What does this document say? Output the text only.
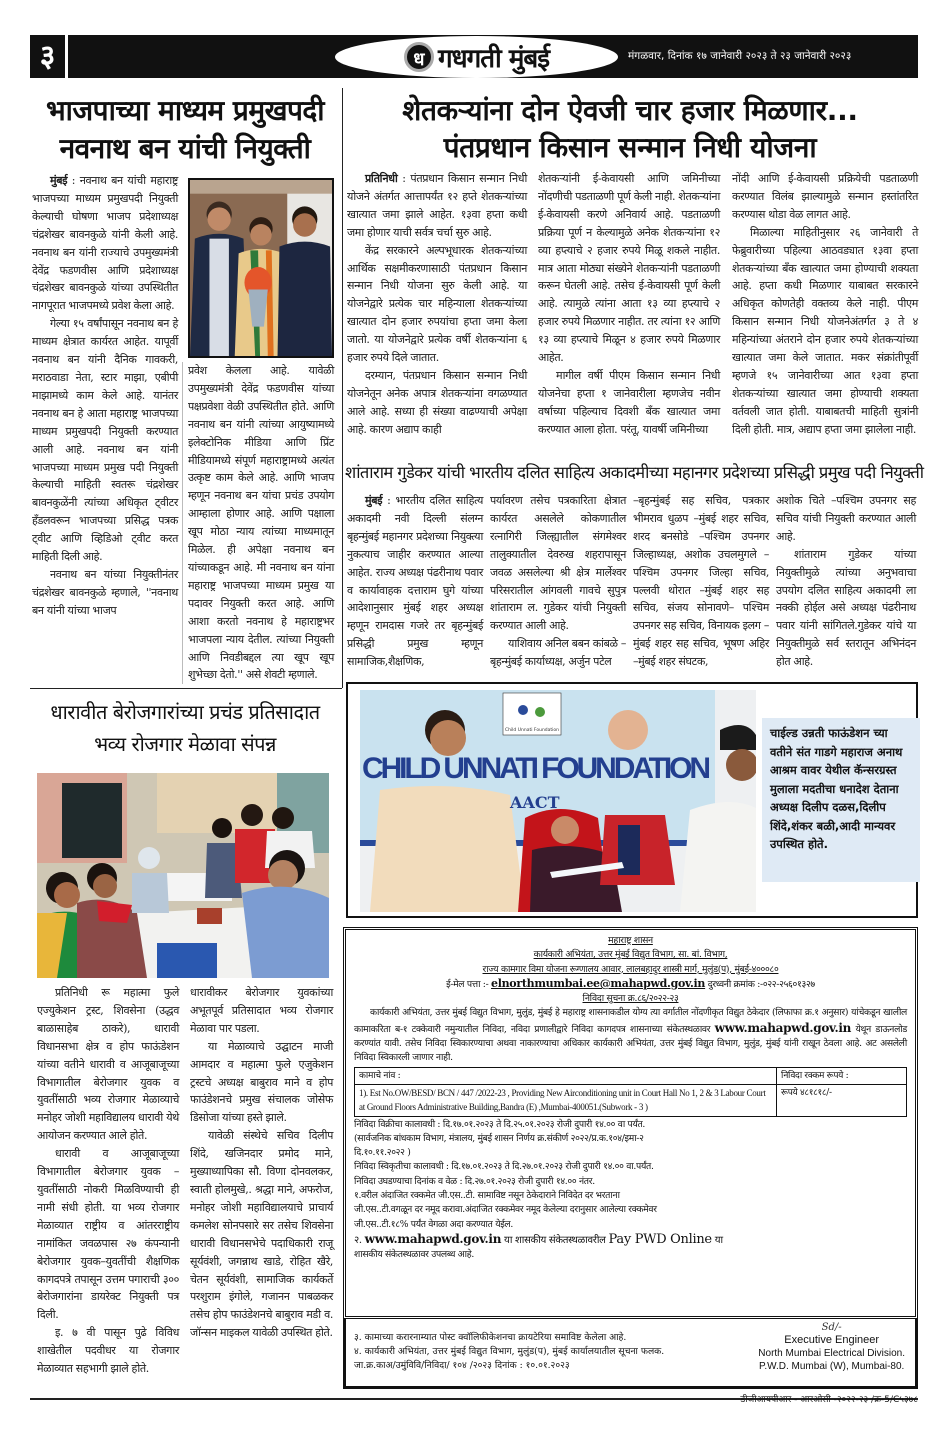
३	ध गधगती मुंबई	मंगळवार, दिनांक १७ जानेवारी २०२३ ते २३ जानेवारी २०२३
भाजपाच्या माध्यम प्रमुखपदी
नवनाथ बन यांची नियुक्ती

मुंबई : नवनाथ बन यांची महाराष्ट्र भाजपच्या माध्यम प्रमुखपदी नियुक्ती केल्याची घोषणा भाजप प्रदेशाध्यक्ष चंद्रशेखर बावनकुळे यांनी केली आहे. नवनाथ बन यांनी राज्याचे उपमुख्यमंत्री देवेंद्र फडणवीस आणि प्रदेशाध्यक्ष चंद्रशेखर बावनकुळे यांच्या उपस्थितीत नागपूरात भाजपमध्ये प्रवेश केला आहे.

गेल्या १५ वर्षांपासून नवनाथ बन हे माध्यम क्षेत्रात कार्यरत आहेत. यापूर्वी नवनाथ बन यांनी दैनिक गावकरी, मराठवाडा नेता, स्टार माझा, एबीपी माझामध्ये काम केले आहे. यानंतर नवनाथ बन हे आता महाराष्ट्र भाजपच्या माध्यम प्रमुखपदी नियुक्ती करण्यात आली आहे. नवनाथ बन यांनी भाजपच्या माध्यम प्रमुख पदी नियुक्ती केल्याची माहिती स्वतरू चंद्रशेखर बावनकुळेंनी त्यांच्या अधिकृत ट्वीटर हँडलवरून भाजपच्या प्रसिद्ध पत्रक ट्वीट आणि व्हिडिओ ट्वीट करत माहिती दिली आहे.

नवनाथ बन यांच्या नियुक्तीनंतर चंद्रशेखर बावनकुळे म्हणाले, ''नवनाथ बन यांनी यांच्या भाजप

प्रवेश केलला आहे. यावेळी उपमुख्यमंत्री देवेंद्र फडणवीस यांच्या पक्षप्रवेशा वेळी उपस्थितीत होते. आणि नवनाथ बन यांनी त्यांच्या आयुष्यामध्ये इलेक्टोनिक मीडिया आणि प्रिंट मीडियामध्ये संपूर्ण महाराष्ट्रामध्ये अत्यंत उत्कृष्ट काम केले आहे. आणि भाजप म्हणून नवनाथ बन यांचा प्रचंड उपयोग आम्हाला होणार आहे. आणि पक्षाला खूप मोठा न्याय त्यांच्या माध्यमातून मिळेल. ही अपेक्षा नवनाथ बन यांच्याकडून आहे. मी नवनाथ बन यांना महाराष्ट्र भाजपच्या माध्यम प्रमुख या पदावर नियुक्ती करत आहे. आणि आशा करतो नवनाथ हे महाराष्ट्रभर भाजपला न्याय देतील. त्यांच्या नियुक्ती आणि निवडीबद्दल त्या खूप खूप शुभेच्छा देतो.'' असे शेवटी म्हणाले.

शेतकऱ्यांना दोन ऐवजी चार हजार मिळणार...
पंतप्रधान किसान सन्मान निधी योजना

प्रतिनिधी : पंतप्रधान किसान सन्मान निधी योजने अंतर्गत आत्तापर्यंत १२ हप्ते शेतकऱ्यांच्या खात्यात जमा झाले आहेत. १३वा हप्ता कधी जमा होणार याची सर्वत्र चर्चा सुरु आहे.

केंद्र सरकारने अल्पभूधारक शेतकऱ्यांच्या आर्थिक सक्षमीकरणासाठी पंतप्रधान किसान सन्मान निधी योजना सुरु केली आहे. या योजनेद्वारे प्रत्येक चार महिन्याला शेतकऱ्यांच्या खात्यात दोन हजार रुपयांचा हप्ता जमा केला जातो. या योजनेद्वारे प्रत्येक वर्षी शेतकऱ्यांना ६ हजार रुपये दिले जातात.

दरम्यान, पंतप्रधान किसान सन्मान निधी योजनेतून अनेक अपात्र शेतकऱ्यांना वगळण्यात आले आहे. सध्या ही संख्या वाढण्याची अपेक्षा आहे. कारण अद्याप काही

शेतकऱ्यांनी ई-केवायसी आणि जमिनीच्या नोंदणीची पडताळणी पूर्ण केली नाही. शेतकऱ्यांना ई-केवायसी करणे अनिवार्य आहे. पडताळणी प्रक्रिया पूर्ण न केल्यामुळे अनेक शेतकऱ्यांना १२ व्या हप्त्याचे २ हजार रुपये मिळू शकले नाहीत. मात्र आता मोठ्या संख्येने शेतकऱ्यांनी पडताळणी करून घेतली आहे. तसेच ई-केवायसी पूर्ण केली आहे. त्यामुळे त्यांना आता १३ व्या हप्त्याचे २ हजार रुपये मिळणार नाहीत. तर त्यांना १२ आणि १३ व्या हप्त्याचे मिळून ४ हजार रुपये मिळणार आहेत.

मागील वर्षी पीएम किसान सन्मान निधी योजनेचा हप्ता १ जानेवारीला म्हणजेच नवीन वर्षाच्या पहिल्याच दिवशी बँक खात्यात जमा करण्यात आला होता. परंतू, यावर्षी जमिनीच्या

नोंदी आणि ई-केवायसी प्रक्रियेची पडताळणी करण्यात विलंब झाल्यामुळे सन्मान हस्तांतरित करण्यास थोडा वेळ लागत आहे.

मिळाल्या माहितीनुसार २६ जानेवारी ते फेब्रुवारीच्या पहिल्या आठवड्यात १३वा हप्ता शेतकऱ्यांच्या बँक खात्यात जमा होण्याची शक्यता आहे. हप्ता कधी मिळणार याबाबत सरकारने अधिकृत कोणतेही वक्तव्य केले नाही. पीएम किसान सन्मान निधी योजनेअंतर्गत ३ ते ४ महिन्यांच्या अंतराने दोन हजार रुपये शेतकऱ्यांच्या खात्यात जमा केले जातात. मकर संक्रांतीपूर्वी म्हणजे १५ जानेवारीच्या आत १३वा हप्ता शेतकऱ्यांच्या खात्यात जमा होण्याची शक्यता वर्तवली जात होती. याबाबतची माहिती सुत्रांनी दिली होती. मात्र, अद्याप हप्ता जमा झालेला नाही.

शांताराम गुडेकर यांची भारतीय दलित साहित्य अकादमीच्या महानगर प्रदेशच्या प्रसिद्धी प्रमुख पदी नियुक्ती

मुंबई : भारतीय दलित साहित्य अकादमी नवी दिल्ली संलग्न बृहन्मुंबई महानगर प्रदेशच्या नियुक्त्या नुकत्याच जाहीर करण्यात आल्या आहेत. राज्य अध्यक्ष पंढरीनाथ पवार व कार्यावाहक दत्ताराम घुगे यांच्या आदेशानुसार मुंबई शहर अध्यक्ष म्हणून रामदास गजरे तर बृहन्मुंबई प्रसिद्धी प्रमुख म्हणून सामाजिक,शैक्षणिक,

पर्यावरण तसेच पत्रकारिता क्षेत्रात कार्यरत असलेले कोकणातील रत्नागिरी जिल्ह्यातील संगमेश्वर तालुक्यातील देवरुख शहरापासून जवळ असलेल्या श्री क्षेत्र मार्लेश्वर परिसरातील आंगवली गावचे सुपुत्र शांताराम ल. गुडेकर यांची नियुक्ती करण्यात आली आहे.

याशिवाय अनिल बबन कांबळे – बृहन्मुंबई कार्याध्यक्ष, अर्जुन पटेल

–बृहन्मुंबई सह सचिव, पत्रकार भीमराव धुळप –मुंबई शहर सचिव, शरद बनसोडे –पश्चिम उपनगर जिल्हाध्यक्ष, अशोक उचलमुगले –पश्चिम उपनगर जिल्हा सचिव, पल्लवी थोरात –मुंबई शहर सह सचिव, संजय सोनावणे– पश्चिम उपनगर सह सचिव, विनायक इलग –मुंबई शहर सह सचिव, भूषण अहिर –मुंबई शहर संघटक,

अशोक चिते –पश्चिम उपनगर सह सचिव यांची नियुक्ती करण्यात आली आहे.

शांताराम गुडेकर यांच्या नियुक्तीमुळे त्यांच्या अनुभवाचा उपयोग दलित साहित्य अकादमी ला नक्की होईल असे अध्यक्ष पंढरीनाथ पवार यांनी सांगितले.गुडेकर यांचे या नियुक्तीमुळे सर्व स्तरातून अभिनंदन होत आहे.

Child Unnati Foundation
CHILD UNNATI FOUNDATION
AACT
चाईल्ड उन्नती फाऊंडेशन च्या वतीने संत गाडगे महाराज अनाथ आश्रम वावर येथील कॅन्सरग्रस्त मुलाला मदतीचा धनादेश देताना अध्यक्ष दिलीप दळस,दिलीप शिंदे,शंकर बळी,आदी मान्यवर उपस्थित होते.
धारावीत बेरोजगारांच्या प्रचंड प्रतिसादात
भव्य रोजगार मेळावा संपन्न

प्रतिनिधी रू महात्मा फुले एज्युकेशन ट्रस्ट, शिवसेना (उद्धव बाळासाहेब ठाकरे), धारावी विधानसभा क्षेत्र व होप फाऊंडेशन यांच्या वतीने धारावी व आजूबाजूच्या विभागातील बेरोजगार युवक व युवतींसाठी भव्य रोजगार मेळाव्याचे मनोहर जोशी महाविद्यालय धारावी येथे आयोजन करण्यात आले होते.

धारावी व आजूबाजूच्या विभागातील बेरोजगार युवक – युवतींसाठी नोकरी मिळविण्याची ही नामी संधी होती. या भव्य रोजगार मेळाव्यात राष्ट्रीय व आंतरराष्ट्रीय नामांकित जवळपास २७ कंपन्यानी बेरोजगार युवक–युवतींची शैक्षणिक कागदपत्रे तपासून उत्तम पगाराची ३०० बेरोजगारांना डायरेक्ट नियुक्ती पत्र दिली.

इ. ७ वी पासून पुढे विविध शाखेतील पदवीधर या रोजगार मेळाव्यात सहभागी झाले होते.

धारावीकर बेरोजगार युवकांच्या अभूतपूर्व प्रतिसादात भव्य रोजगार मेळावा पार पडला.

या मेळाव्याचे उद्घाटन माजी आमदार व महात्मा फुले एजुकेशन ट्रस्टचे अध्यक्ष बाबुराव माने व होप फाउंडेशनचे प्रमुख संचालक जोसेफ डिसोजा यांच्या हस्ते झाले.

यावेळी संस्थेचे सचिव दिलीप शिंदे, खजिनदार प्रमोद माने, मुख्याध्यापिका सौ. विणा दोनवलकर, स्वाती होलमुखे,. श्रद्धा माने, अफरोज, मनोहर जोशी महाविद्यालयाचे प्राचार्य कमलेश सोनपसारे सर तसेच शिवसेना धारावी विधानसभेचे पदाधिकारी राजू सूर्यवंशी, जगन्नाथ खाडे, रोहित खैरे, चेतन सूर्यवंशी, सामाजिक कार्यकर्ते परशुराम इंगोले, गजानन पाबळकर तसेच होप फाउंडेशनचे बाबुराव मडी व. जॉन्सन माइकल यावेळी उपस्थित होते.

महाराष्ट्र शासन
कार्यकारी अभियंता, उत्तर मुंबई विद्युत विभाग, सा. बां. विभाग,
राज्य कामगार विमा योजना रूग्णालय आवार, लालबहादुर शास्त्री मार्ग, मुलुंड(प), मुंबई-४०००८०
ई-मेल पत्ता :- elnorthmumbai.ee@mahapwd.gov.in दुरध्वनी क्रमांक :-०२२-२५६०१३२७
निविदा सुचना क्र.८६/२०२२-२३
कार्यकारी अभियंता, उत्तर मुंबई विद्युत विभाग, मुलुंड, मुंबई हे महाराष्ट्र शासनाकडील योग्य त्या वर्गातील नोंदणीकृत विद्युत ठेकेदार (लिफाफा क्र.१ अनुसार) यांचेकडून खालील कामाकरिता ब-१ टक्केवारी नमुन्यातील निविदा, नविदा प्रणालीद्वारे निविदा कागदपत्र शासनाच्या संकेतस्थळावर www.mahapwd.gov.in येथून डाऊनलोड करण्यांत यावी. तसेच निविदा स्विकारण्याचा अथवा नाकारण्याचा अधिकार कार्यकारी अभियंता, उत्तर मुंबई विद्युत विभाग, मुलुंड, मुंबई यांनी राखून ठेवला आहे. अट असलेली निविदा स्विकारली जाणार नाही.
कामाचे नांव :	निविदा रक्कम रूपये :
1). Est No.OW/BESD/ BCN / 447 /2022-23 , Providing New Airconditioning unit in Court Hall No 1, 2 & 3 Labour Court at Ground Floors Administrative Building,Bandra (E) ,Mumbai-400051.(Subwork - 3 )	रूपये ४८१८१८/-
निविदा विक्रीचा कालावधी : दि.१७.०१.२०२३ ते दि.२५.०१.२०२३ रोजी दुपारी १४.०० वा पर्यंत.
(सार्वजनिक बांधकाम विभाग, मंत्रालय, मुंबई शासन निर्णय क्र.संकीर्ण २०२२/प्र.क.१०४/इमा-२
दि.१०.११.२०२२ )
निविदा स्विकृतीचा कालावधी : दि.१७.०१.२०२३ ते दि.२७.०१.२०२३ रोजी दुपारी १४.०० वा.पर्यंत.
निविदा उघडण्याचा दिनांक व वेळ : दि.२७.०१.२०२३ रोजी दुपारी १४.०० नंतर.
१.वरील अंदाजित रक्कमेत जी.एस..टी. सामाविष्ट नसून ठेकेदाराने निविदेत दर भरताना
जी.एस..टी.वगळून दर नमूद करावा.अंदाजित रक्कमेवर नमूद केलेल्या दरानुसार आलेल्या रक्कमेवर
जी.एस..टी.१८% पर्यंत वेगळा अदा करण्यात येईल.
२. www.mahapwd.gov.in या शासकीय संकेतस्थळावरील Pay PWD Online या
शासकीय संकेतस्थळावर उपलब्ध आहे.
३. कामाच्या करारनाम्यात पोस्ट क्वॉलिफीकेशनचा क्रायटेरिया समाविष्ट केलेला आहे.
४. कार्यकारी अभियंता, उत्तर मुंबई विद्युत विभाग, मुलुंड(प), मुंबई कार्यालयातील सूचना फलक.
जा.क्र.काअ/उमुंविवि/निविदा/ १०४ /२०२३ दिनांक : १०.०१.२०२३
Sd/-
Executive Engineer
North Mumbai Electrical Division.
P.W.D. Mumbai (W), Mumbai-80.
डीजीआयपीआर - आरओसी -२०२२-२३ /क्र-5/C५३७८
